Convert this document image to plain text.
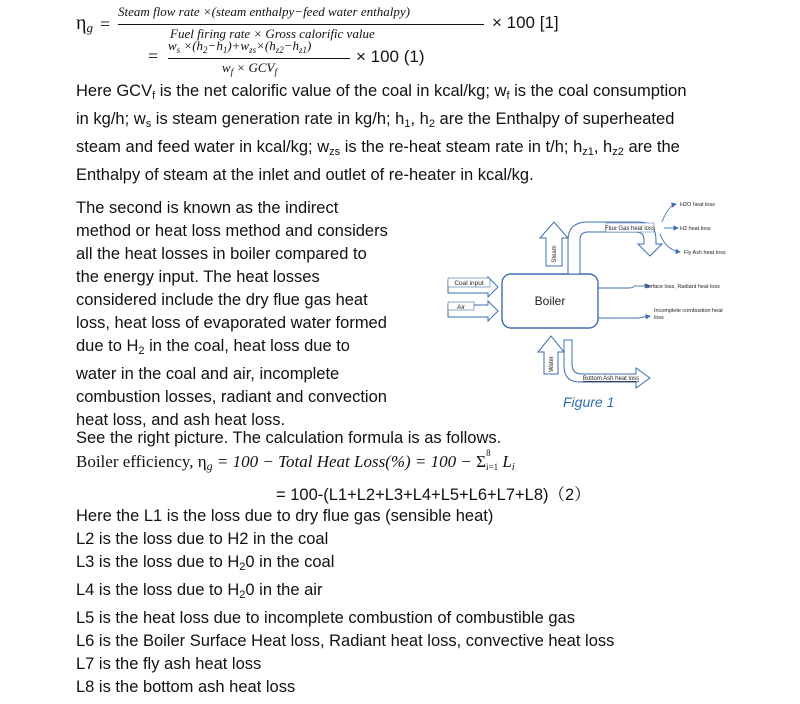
$\eta_g$ =
Steam flow rate ×(steam enthalpy−feed water enthalpy)
Fuel firing rate × Gross calorific value
× 100 [1]
=
$w_s \times(h_2-h_1)+w_{zs}\times(h_{z2}-h_{z1})$
$w_f \times GCV_f$
× 100 (1)

Here $GCV_f$ is the net calorific value of the coal in kcal/kg; $w_f$ is the coal consumption

in kg/h; $w_s$ is steam generation rate in kg/h; $h_1$, $h_2$ are the Enthalpy of superheated

steam and feed water in kcal/kg; $w_{zs}$ is the re-heat steam rate in t/h; $h_{z1}$, $h_{z2}$ are the

Enthalpy of steam at the inlet and outlet of re-heater in kcal/kg.

The second is known as the indirect

method or heat loss method and considers

all the heat losses in boiler compared to

the energy input. The heat losses

considered include the dry flue gas heat

loss, heat loss of evaporated water formed

due to $H_2$ in the coal, heat loss due to

water in the coal and air, incomplete

combustion losses, radiant and convection

heat loss, and ash heat loss.

Boiler
Coal input
Air
Steam
Water
Flue Gas heat loss
H2O heat loss
H2 heat loss
Fly Ash heat loss
Surface loss, Radiant heat loss
Incomplete combustion heat
loss
Bottom Ash heat loss
Figure 1

See the right picture. The calculation formula is as follows.

Boiler efficiency, $\eta_g = 100$ − Total Heat Loss(%) = 100 − Σ 8
$_{i=1}$ $L_i$
= 100-(L1+L2+L3+L4+L5+L6+L7+L8)（2）

Here the L1 is the loss due to dry flue gas (sensible heat)

L2 is the loss due to H2 in the coal

L3 is the loss due to $H_20$ in the coal

L4 is the loss due to $H_20$ in the air

L5 is the heat loss due to incomplete combustion of combustible gas

L6 is the Boiler Surface Heat loss, Radiant heat loss, convective heat loss

L7 is the fly ash heat loss

L8 is the bottom ash heat loss
